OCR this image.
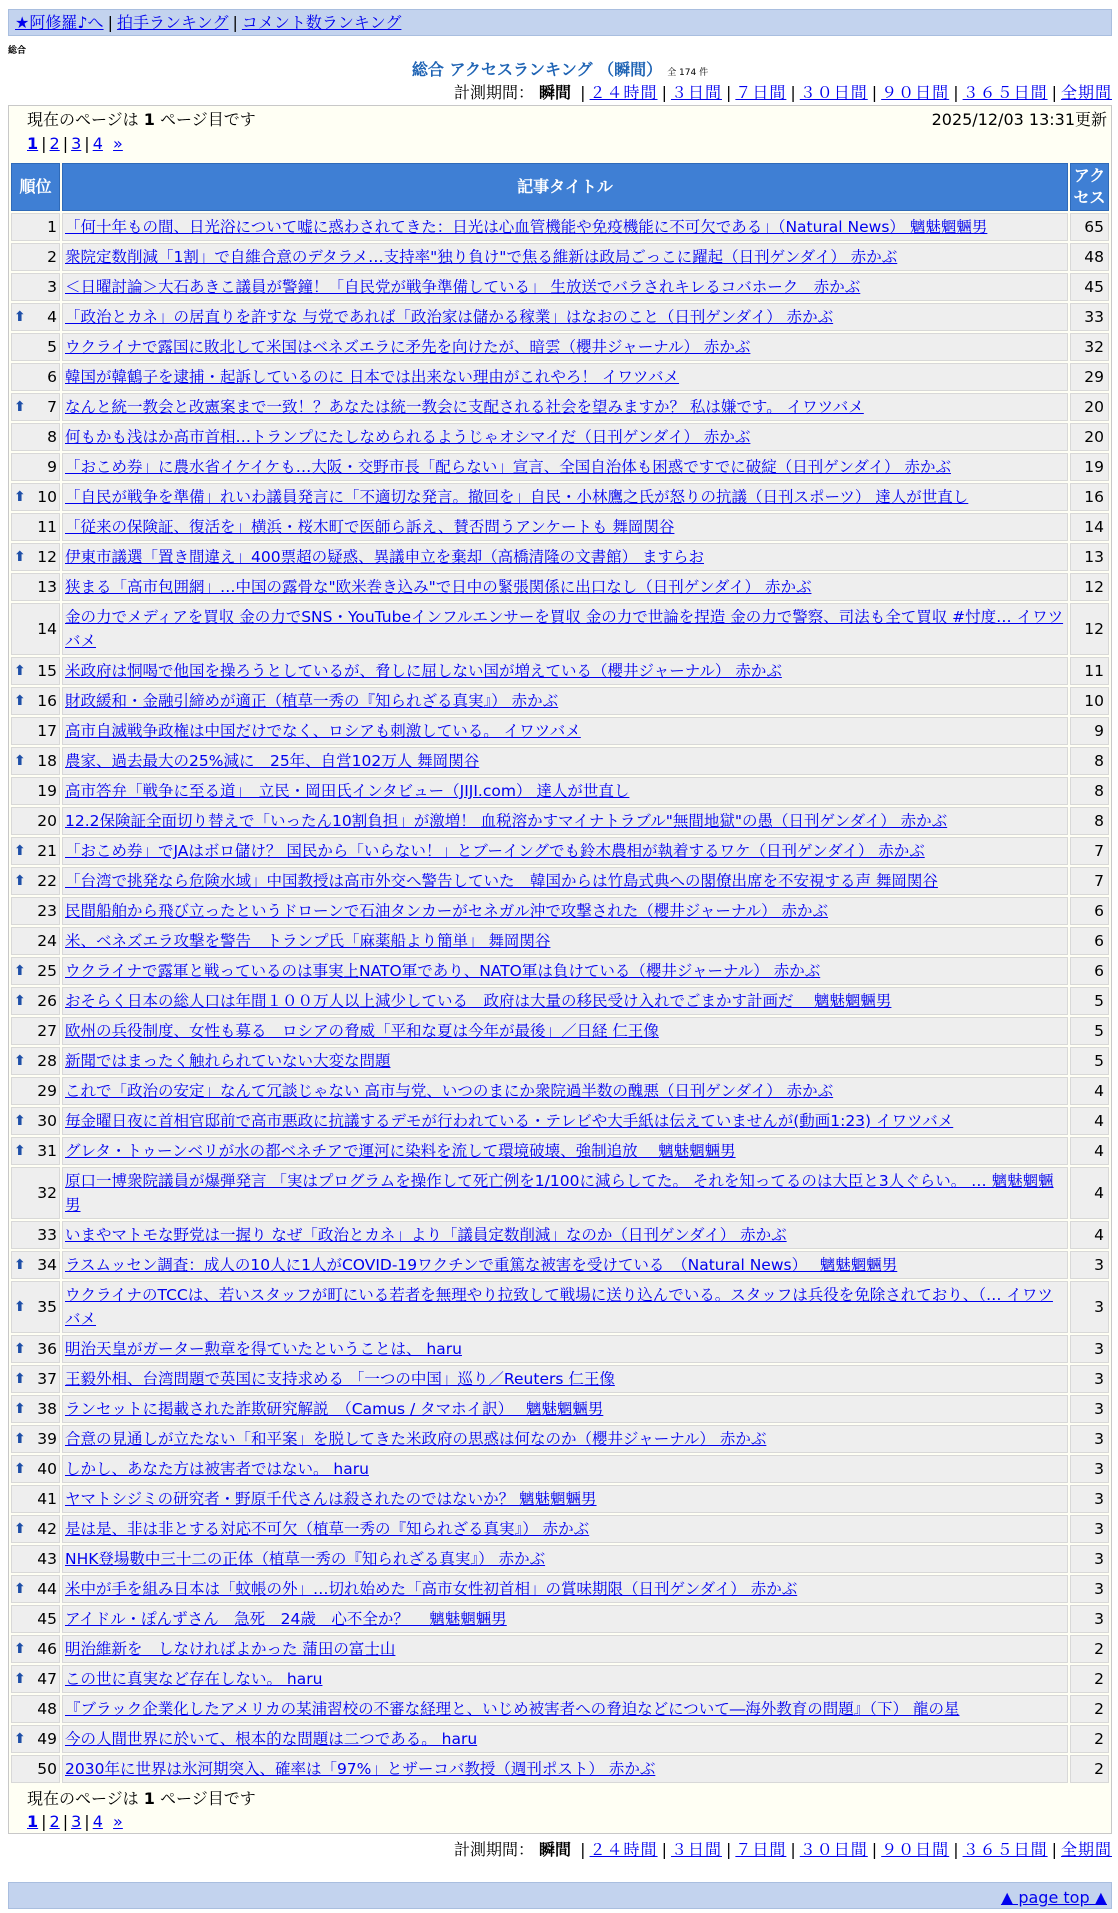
★阿修羅♪へ | 拍手ランキング | コメント数ランキング
総合
総合 アクセスランキング （瞬間） 全 174 件
計測期間： 瞬間 | ２４時間 | ３日間 | ７日間 | ３０日間 | ９０日間 | ３６５日間 | 全期間
現在のページは 1 ページ目です	2025/12/03 13:31更新
1 | 2 | 3 | 4 »
順位	記事タイトル	アクセス
1	「何十年もの間、日光浴について嘘に惑わされてきた：日光は心血管機能や免疫機能に不可欠である」（Natural News） 魑魅魍魎男	65
2	衆院定数削減「1割」で自維合意のデタラメ…支持率"独り負け"で焦る維新は政局ごっこに躍起（日刊ゲンダイ） 赤かぶ	48
3	＜日曜討論＞大石あきこ議員が警鐘！「自民党が戦争準備している」 生放送でバラされキレるコバホーク　赤かぶ	45

⬆ 4	「政治とカネ」の居直りを許すな 与党であれば「政治家は儲かる稼業」はなおのこと（日刊ゲンダイ） 赤かぶ	33
5	ウクライナで露国に敗北して米国はベネズエラに矛先を向けたが、暗雲（櫻井ジャーナル） 赤かぶ	32
6	韓国が韓鶴子を逮捕・起訴しているのに 日本では出来ない理由がこれやろ！ イワツバメ	29

⬆ 7	なんと統一教会と改憲案まで一致！？あなたは統一教会に支配される社会を望みますか？ 私は嫌です。 イワツバメ	20
8	何もかも浅はか高市首相…トランプにたしなめられるようじゃオシマイだ（日刊ゲンダイ） 赤かぶ	20
9	「おこめ券」に農水省イケイケも…大阪・交野市長「配らない」宣言、全国自治体も困惑ですでに破綻（日刊ゲンダイ） 赤かぶ	19

⬆ 10	「自民が戦争を準備」れいわ議員発言に「不適切な発言。撤回を」自民・小林鷹之氏が怒りの抗議（日刊スポーツ） 達人が世直し	16
11	「従来の保険証、復活を」横浜・桜木町で医師ら訴え、賛否問うアンケートも 舞岡関谷	14

⬆ 12	伊東市議選「置き間違え」400票超の疑惑、異議申立を棄却（高橋清隆の文書館） ますらお	13
13	狭まる「高市包囲網」…中国の露骨な"欧米巻き込み"で日中の緊張関係に出口なし（日刊ゲンダイ） 赤かぶ	12
14	金の力でメディアを買収 金の力でSNS・YouTubeインフルエンサーを買収 金の力で世論を捏造 金の力で警察、司法も全て買収 #忖度… イワツバメ	12

⬆ 15	米政府は恫喝で他国を操ろうとしているが、脅しに屈しない国が増えている（櫻井ジャーナル） 赤かぶ	11

⬆ 16	財政緩和・金融引締めが適正（植草一秀の『知られざる真実』） 赤かぶ	10
17	高市自滅戦争政権は中国だけでなく、ロシアも刺激している。 イワツバメ	9

⬆ 18	農家、過去最大の25%減に　25年、自営102万人 舞岡関谷	8
19	高市答弁「戦争に至る道」　立民・岡田氏インタビュー（JIJI.com） 達人が世直し	8
20	12.2保険証全面切り替えで「いったん10割負担」が激増！ 血税溶かすマイナトラブル"無間地獄"の愚（日刊ゲンダイ） 赤かぶ	8

⬆ 21	「おこめ券」でJAはボロ儲け？ 国民から「いらない！」とブーイングでも鈴木農相が執着するワケ（日刊ゲンダイ） 赤かぶ	7

⬆ 22	「台湾で挑発なら危険水域」中国教授は高市外交へ警告していた　韓国からは竹島式典への閣僚出席を不安視する声 舞岡関谷	7
23	民間船舶から飛び立ったというドローンで石油タンカーがセネガル沖で攻撃された（櫻井ジャーナル） 赤かぶ	6
24	米、ベネズエラ攻撃を警告　トランプ氏「麻薬船より簡単」 舞岡関谷	6

⬆ 25	ウクライナで露軍と戦っているのは事実上NATO軍であり、NATO軍は負けている（櫻井ジャーナル） 赤かぶ	6

⬆ 26	おそらく日本の総人口は年間１００万人以上減少している　政府は大量の移民受け入れでごまかす計画だ　 魑魅魍魎男	5
27	欧州の兵役制度、女性も募る　ロシアの脅威「平和な夏は今年が最後」／日経 仁王像	5

⬆ 28	新聞ではまったく触れられていない大変な問題	5
29	これで「政治の安定」なんて冗談じゃない 高市与党、いつのまにか衆院過半数の醜悪（日刊ゲンダイ） 赤かぶ	4

⬆ 30	毎金曜日夜に首相官邸前で高市悪政に抗議するデモが行われている・テレビや大手紙は伝えていませんが(動画1:23) イワツバメ	4

⬆ 31	グレタ・トゥーンベリが水の都ベネチアで運河に染料を流して環境破壊、強制追放　 魑魅魍魎男	4
32	原口一博衆院議員が爆弾発言 「実はプログラムを操作して死亡例を1/100に減らしてた。 それを知ってるのは大臣と3人ぐらい。 … 魑魅魍魎男	4
33	いまやマトモな野党は一握り なぜ「政治とカネ」より「議員定数削減」なのか（日刊ゲンダイ） 赤かぶ	4

⬆ 34	ラスムッセン調査：成人の10人に1人がCOVID-19ワクチンで重篤な被害を受けている　（Natural News）　 魑魅魍魎男	3

⬆ 35	ウクライナのTCCは、若いスタッフが町にいる若者を無理やり拉致して戦場に送り込んでいる。スタッフは兵役を免除されており、（… イワツバメ	3

⬆ 36	明治天皇がガーター勲章を得ていたということは、 haru	3

⬆ 37	王毅外相、台湾問題で英国に支持求める 「一つの中国」巡り／Reuters 仁王像	3

⬆ 38	ランセットに掲載された詐欺研究解説　（Camus / タマホイ訳）　 魑魅魍魎男	3

⬆ 39	合意の見通しが立たない「和平案」を脱してきた米政府の思惑は何なのか（櫻井ジャーナル） 赤かぶ	3

⬆ 40	しかし、あなた方は被害者ではない。 haru	3
41	ヤマトシジミの研究者・野原千代さんは殺されたのではないか？ 魑魅魍魎男	3

⬆ 42	是は是、非は非とする対応不可欠（植草一秀の『知られざる真実』） 赤かぶ	3
43	NHK登場數中三十二の正体（植草一秀の『知られざる真実』） 赤かぶ	3

⬆ 44	米中が手を組み日本は「蚊帳の外」…切れ始めた「高市女性初首相」の賞味期限（日刊ゲンダイ） 赤かぶ	3
45	アイドル・ぽんずさん　急死　24歳　心不全か？　 魑魅魍魎男	3

⬆ 46	明治維新を　しなければよかった 蒲田の富士山	2

⬆ 47	この世に真実など存在しない。 haru	2
48	『ブラック企業化したアメリカの某浦習校の不審な経理と、いじめ被害者への脅迫などについて―海外教育の問題』（下） 龍の星	2

⬆ 49	今の人間世界に於いて、根本的な問題は二つである。 haru	2
50	2030年に世界は氷河期突入、確率は「97%」とザーコバ教授（週刊ポスト） 赤かぶ	2
現在のページは 1 ページ目です
1 | 2 | 3 | 4 »
計測期間： 瞬間 | ２４時間 | ３日間 | ７日間 | ３０日間 | ９０日間 | ３６５日間 | 全期間
▲ page top ▲
